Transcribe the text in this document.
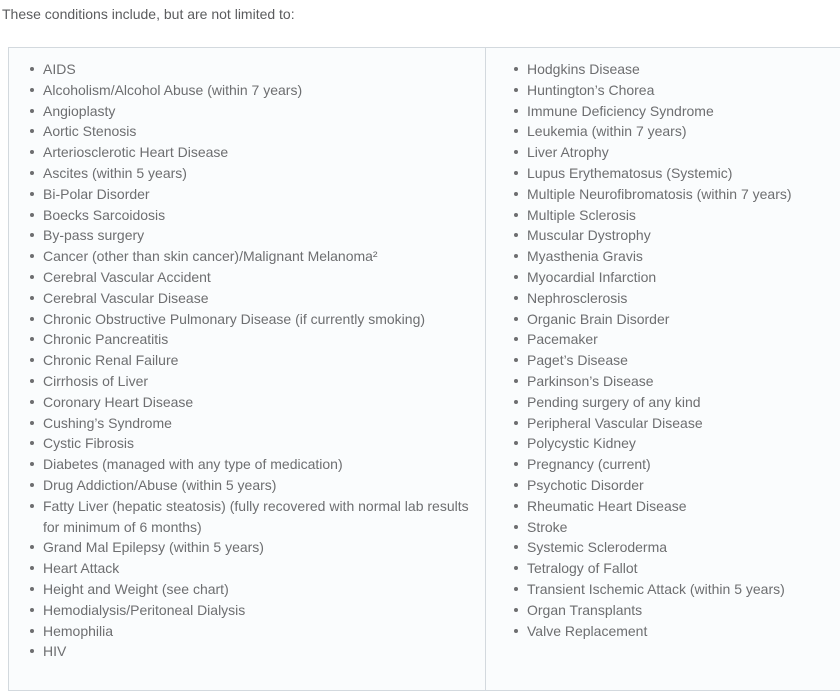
These conditions include, but are not limited to:

AIDS
Alcoholism/Alcohol Abuse (within 7 years)
Angioplasty
Aortic Stenosis
Arteriosclerotic Heart Disease
Ascites (within 5 years)
Bi-Polar Disorder
Boecks Sarcoidosis
By-pass surgery
Cancer (other than skin cancer)/Malignant Melanoma²
Cerebral Vascular Accident
Cerebral Vascular Disease
Chronic Obstructive Pulmonary Disease (if currently smoking)
Chronic Pancreatitis
Chronic Renal Failure
Cirrhosis of Liver
Coronary Heart Disease
Cushing’s Syndrome
Cystic Fibrosis
Diabetes (managed with any type of medication)
Drug Addiction/Abuse (within 5 years)
Fatty Liver (hepatic steatosis) (fully recovered with normal lab results for minimum of 6 months)
Grand Mal Epilepsy (within 5 years)
Heart Attack
Height and Weight (see chart)
Hemodialysis/Peritoneal Dialysis
Hemophilia
HIV
Hodgkins Disease
Huntington’s Chorea
Immune Deficiency Syndrome
Leukemia (within 7 years)
Liver Atrophy
Lupus Erythematosus (Systemic)
Multiple Neurofibromatosis (within 7 years)
Multiple Sclerosis
Muscular Dystrophy
Myasthenia Gravis
Myocardial Infarction
Nephrosclerosis
Organic Brain Disorder
Pacemaker
Paget’s Disease
Parkinson’s Disease
Pending surgery of any kind
Peripheral Vascular Disease
Polycystic Kidney
Pregnancy (current)
Psychotic Disorder
Rheumatic Heart Disease
Stroke
Systemic Scleroderma
Tetralogy of Fallot
Transient Ischemic Attack (within 5 years)
Organ Transplants
Valve Replacement
